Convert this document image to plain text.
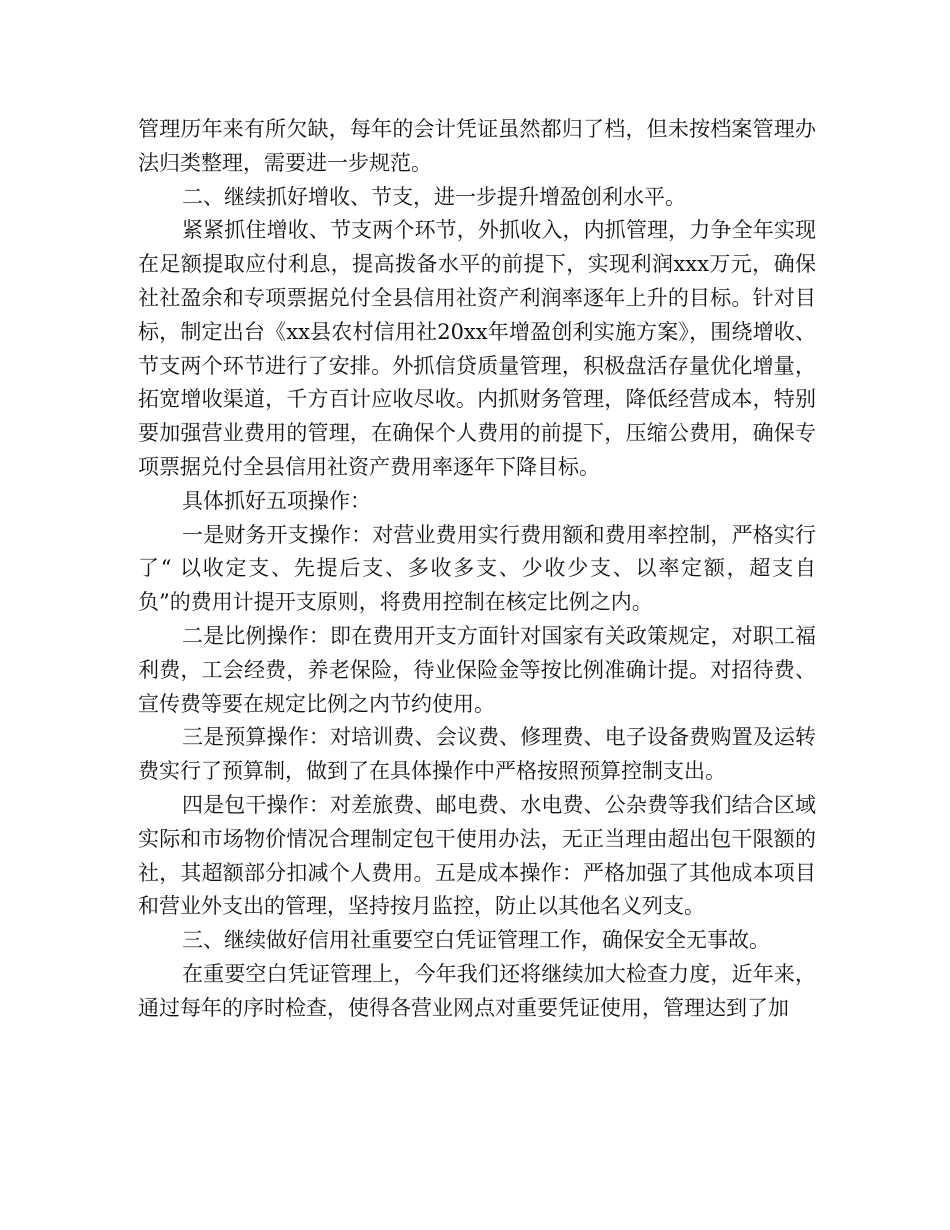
管理历年来有所欠缺，每年的会计凭证虽然都归了档，但未按档案管理办法归类整理，需要进一步规范。

二、继续抓好增收、节支，进一步提升增盈创利水平。

紧紧抓住增收、节支两个环节，外抓收入，内抓管理，力争全年实现在足额提取应付利息，提高拨备水平的前提下，实现利润xxx万元，确保社社盈余和专项票据兑付全县信用社资产利润率逐年上升的目标。针对目标，制定出台《xx县农村信用社20xx年增盈创利实施方案》，围绕增收、节支两个环节进行了安排。外抓信贷质量管理，积极盘活存量优化增量，拓宽增收渠道，千方百计应收尽收。内抓财务管理，降低经营成本，特别要加强营业费用的管理，在确保个人费用的前提下，压缩公费用，确保专项票据兑付全县信用社资产费用率逐年下降目标。

具体抓好五项操作：

一是财务开支操作：对营业费用实行费用额和费用率控制，严格实行了“ 以收定支、先提后支、多收多支、少收少支、以率定额，超支自负”的费用计提开支原则，将费用控制在核定比例之内。

二是比例操作：即在费用开支方面针对国家有关政策规定，对职工福利费，工会经费，养老保险，待业保险金等按比例准确计提。对招待费、宣传费等要在规定比例之内节约使用。

三是预算操作：对培训费、会议费、修理费、电子设备费购置及运转费实行了预算制，做到了在具体操作中严格按照预算控制支出。

四是包干操作：对差旅费、邮电费、水电费、公杂费等我们结合区域实际和市场物价情况合理制定包干使用办法，无正当理由超出包干限额的社，其超额部分扣减个人费用。五是成本操作：严格加强了其他成本项目和营业外支出的管理，坚持按月监控，防止以其他名义列支。

三、继续做好信用社重要空白凭证管理工作，确保安全无事故。

在重要空白凭证管理上，今年我们还将继续加大检查力度，近年来，通过每年的序时检查，使得各营业网点对重要凭证使用，管理达到了加
